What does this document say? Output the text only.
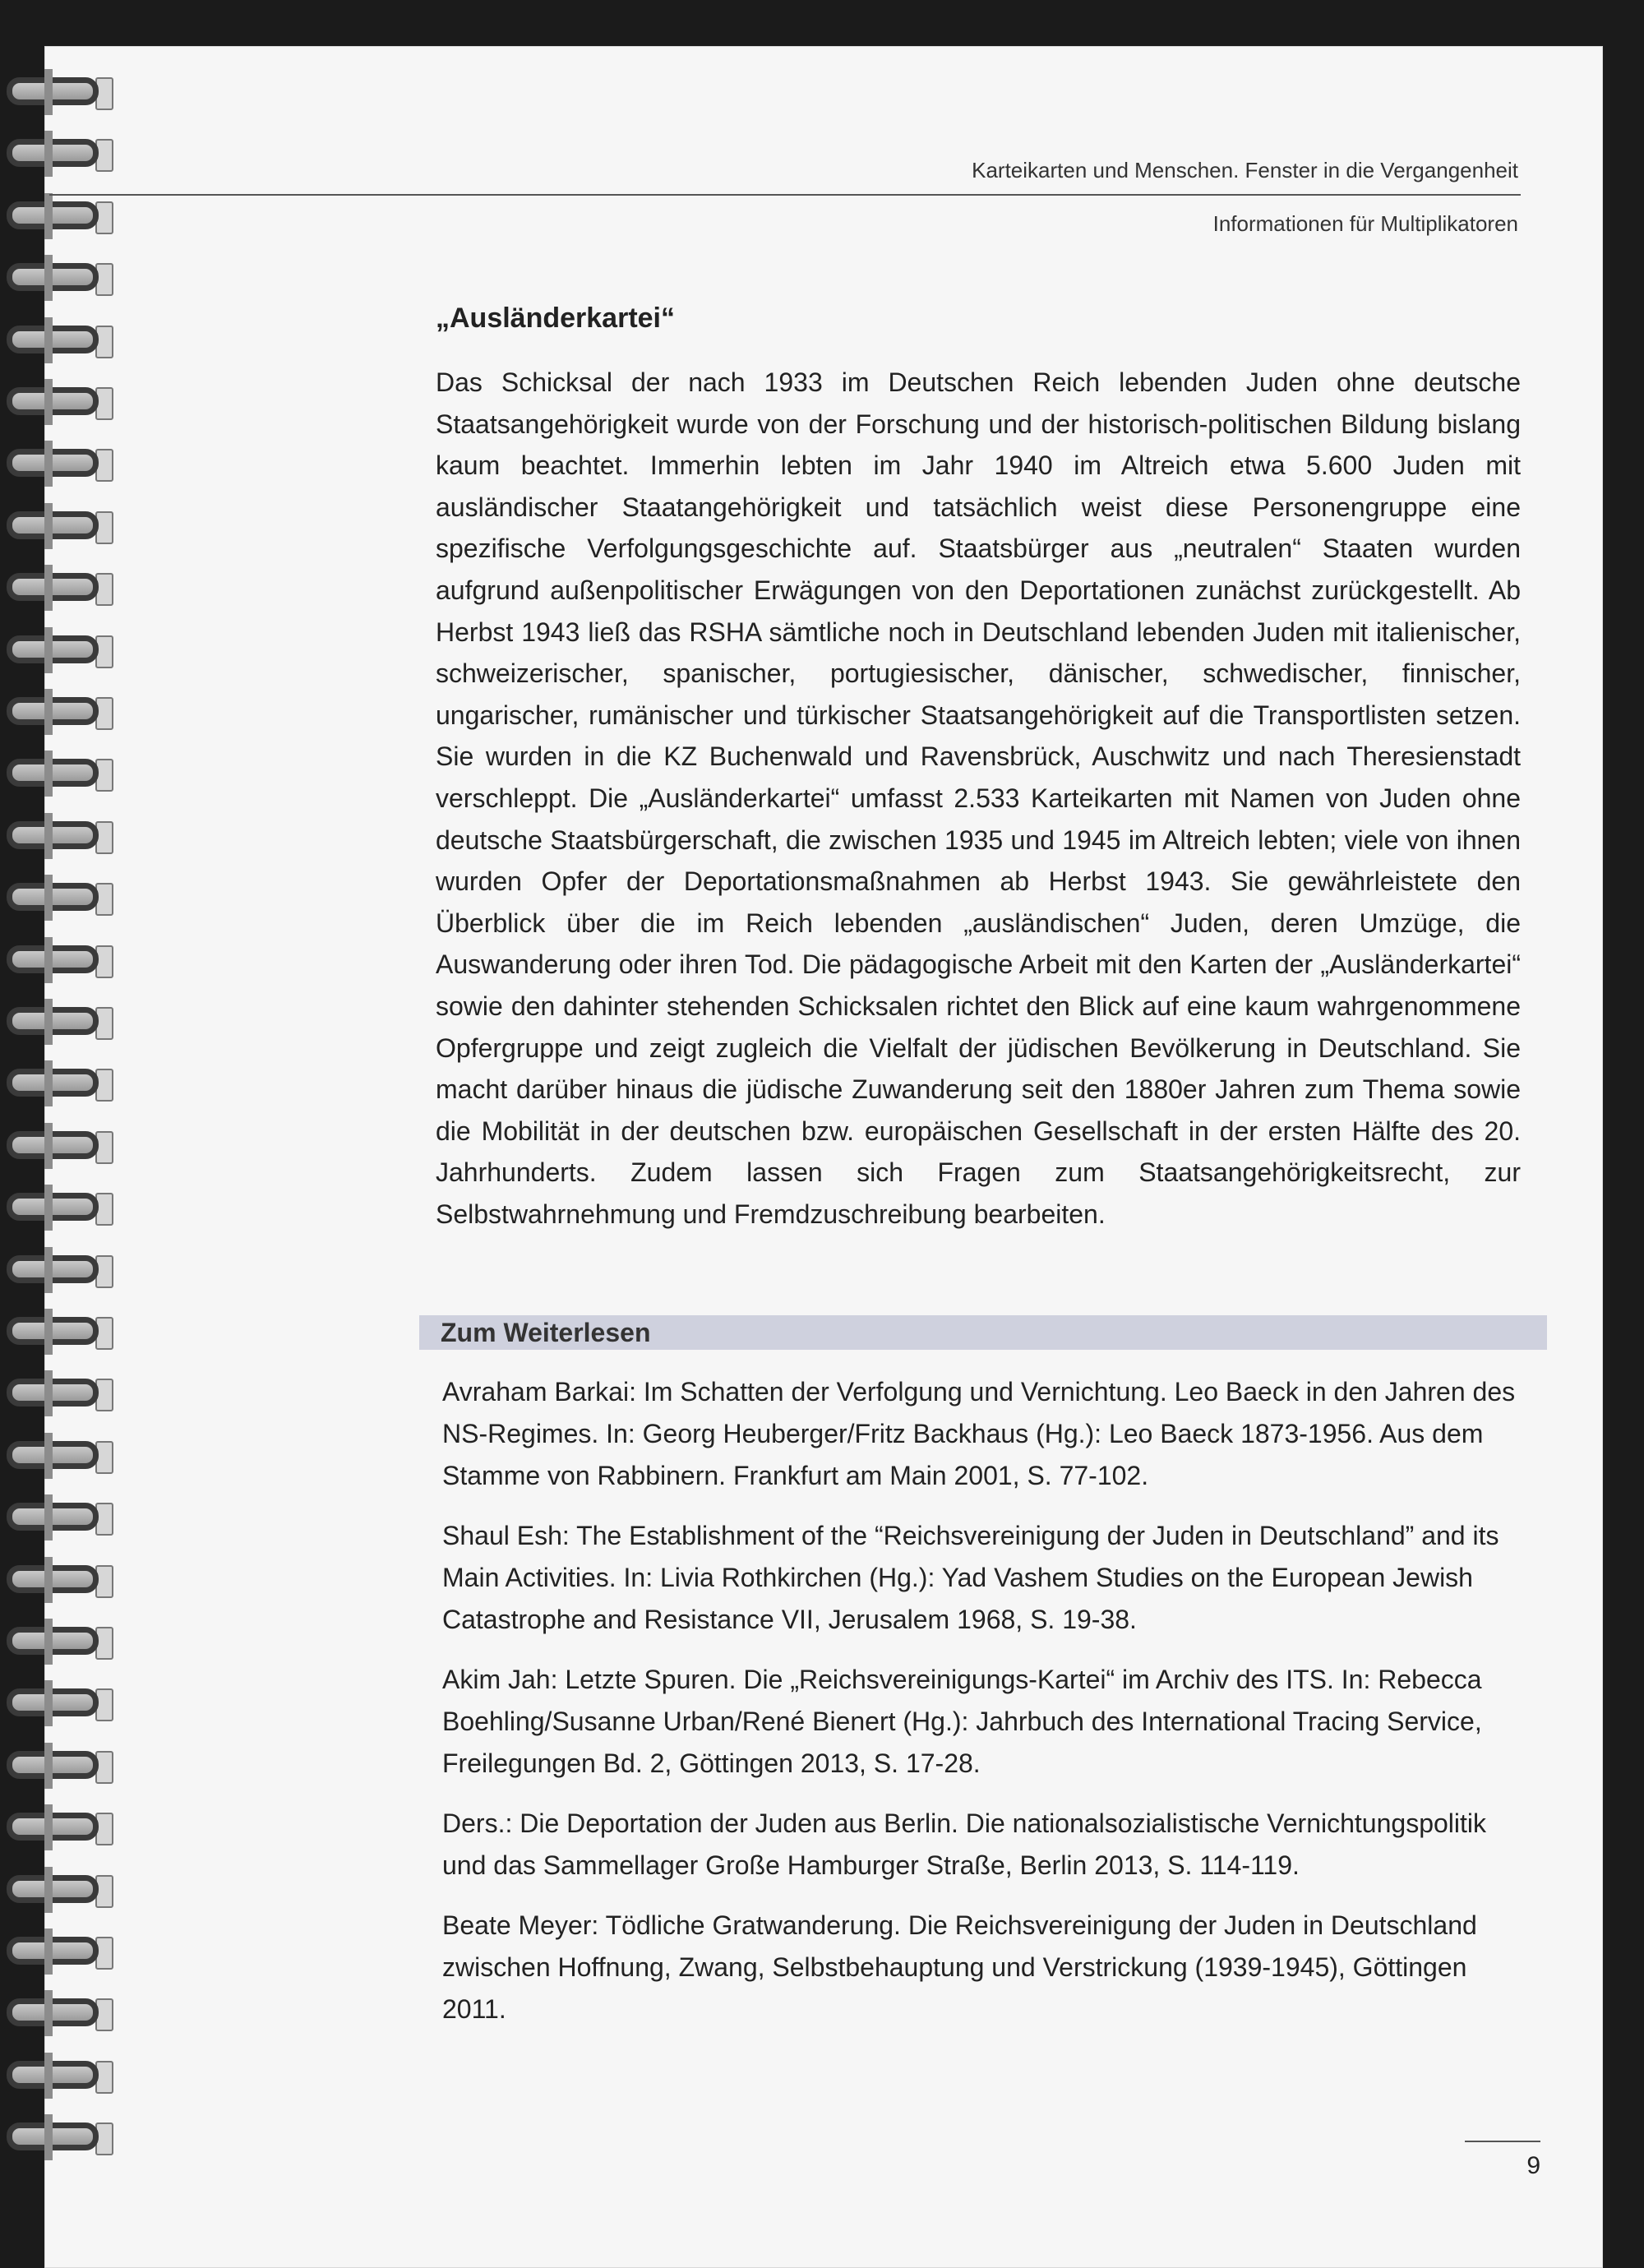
Karteikarten und Menschen. Fenster in die Vergangenheit
Informationen für Multiplikatoren
„Ausländerkartei“

Das Schicksal der nach 1933 im Deutschen Reich lebenden Juden ohne deutsche Staatsangehörigkeit wurde von der Forschung und der historisch-politischen Bildung bislang kaum beachtet. Immerhin lebten im Jahr 1940 im Altreich etwa 5.600 Juden mit ausländischer Staatangehörigkeit und tatsächlich weist diese Personengruppe eine spezifische Verfolgungsgeschichte auf. Staatsbürger aus „neutralen“ Staaten wurden aufgrund außenpolitischer Erwägungen von den Deportationen zunächst zurückgestellt. Ab Herbst 1943 ließ das RSHA sämtliche noch in Deutschland lebenden Juden mit italienischer, schweizerischer, spanischer, portugiesischer, dänischer, schwedischer, finnischer, ungarischer, rumänischer und türkischer Staatsangehörigkeit auf die Transportlisten setzen. Sie wurden in die KZ Buchenwald und Ravensbrück, Auschwitz und nach Theresienstadt verschleppt. Die „Ausländerkartei“ umfasst 2.533 Karteikarten mit Namen von Juden ohne deutsche Staatsbürgerschaft, die zwischen 1935 und 1945 im Altreich lebten; viele von ihnen wurden Opfer der Deportationsmaßnahmen ab Herbst 1943. Sie gewährleistete den Überblick über die im Reich lebenden „ausländischen“ Juden, deren Umzüge, die Auswanderung oder ihren Tod. Die pädagogische Arbeit mit den Karten der „Ausländerkartei“ sowie den dahinter stehenden Schicksalen richtet den Blick auf eine kaum wahrgenommene Opfergruppe und zeigt zugleich die Vielfalt der jüdischen Bevölkerung in Deutschland. Sie macht darüber hinaus die jüdische Zuwanderung seit den 1880er Jahren zum Thema sowie die Mobilität in der deutschen bzw. europäischen Gesellschaft in der ersten Hälfte des 20. Jahrhunderts. Zudem lassen sich Fragen zum Staatsangehörigkeitsrecht, zur Selbstwahrnehmung und Fremdzuschreibung bearbeiten.

Zum Weiterlesen

Avraham Barkai: Im Schatten der Verfolgung und Vernichtung. Leo Baeck in den Jahren des NS-Regimes. In: Georg Heuberger/Fritz Backhaus (Hg.): Leo Baeck 1873-1956. Aus dem Stamme von Rabbinern. Frankfurt am Main 2001, S. 77-102.

Shaul Esh: The Establishment of the “Reichsvereinigung der Juden in Deutschland” and its Main Activities. In: Livia Rothkirchen (Hg.): Yad Vashem Studies on the European Jewish Catastrophe and Resistance VII, Jerusalem 1968, S. 19-38.

Akim Jah: Letzte Spuren. Die „Reichsvereinigungs-Kartei“ im Archiv des ITS. In: Rebecca Boehling/Susanne Urban/René Bienert (Hg.): Jahrbuch des International Tracing Service, Freilegungen Bd. 2, Göttingen 2013, S. 17-28.

Ders.: Die Deportation der Juden aus Berlin. Die nationalsozialistische Vernichtungspolitik und das Sammellager Große Hamburger Straße, Berlin 2013, S. 114-119.

Beate Meyer: Tödliche Gratwanderung. Die Reichsvereinigung der Juden in Deutschland zwischen Hoffnung, Zwang, Selbstbehauptung und Verstrickung (1939-1945), Göttingen 2011.

9
